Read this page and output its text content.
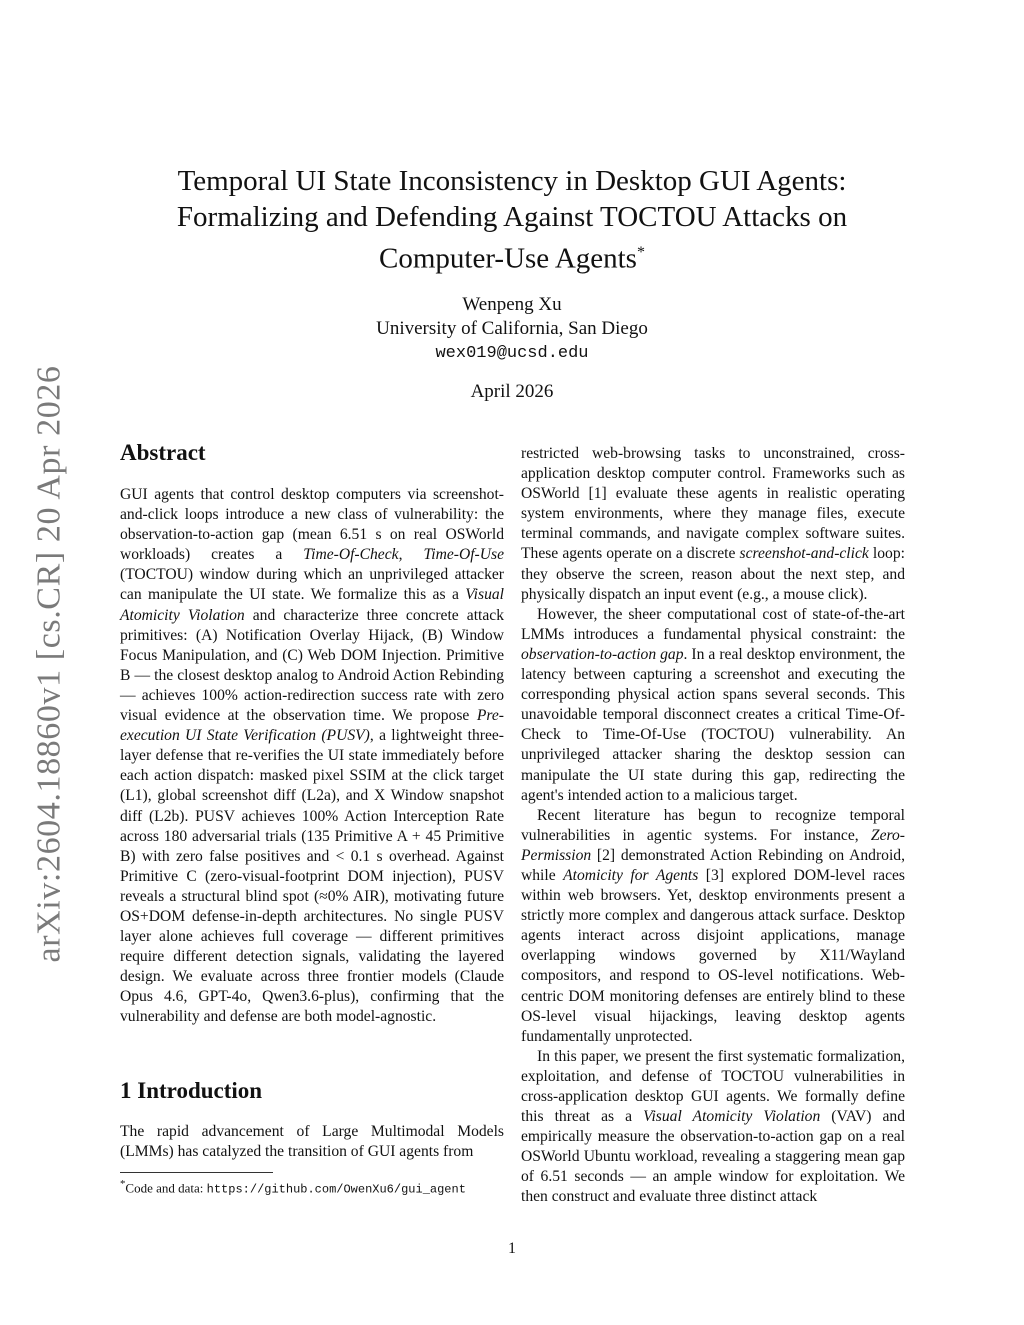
arXiv:2604.18860v1 [cs.CR] 20 Apr 2026
Temporal UI State Inconsistency in Desktop GUI Agents:
Formalizing and Defending Against TOCTOU Attacks on
Computer-Use Agents*
Wenpeng Xu
University of California, San Diego
wex019@ucsd.edu
April 2026
Abstract

GUI agents that control desktop computers via screenshot-and-click loops introduce a new class of vulnerability: the observation-to-action gap (mean 6.51 s on real OSWorld workloads) creates a Time-Of-Check, Time-Of-Use (TOCTOU) window during which an unprivileged attacker can manipulate the UI state. We formalize this as a Visual Atomicity Violation and characterize three concrete attack primitives: (A) Notification Overlay Hijack, (B) Window Focus Manipulation, and (C) Web DOM Injection. Primitive B — the closest desktop analog to Android Action Rebinding — achieves 100% action-redirection success rate with zero visual evidence at the observation time. We propose Pre-execution UI State Verification (PUSV), a lightweight three-layer defense that re-verifies the UI state immediately before each action dispatch: masked pixel SSIM at the click target (L1), global screenshot diff (L2a), and X Window snapshot diff (L2b). PUSV achieves 100% Action Interception Rate across 180 adversarial trials (135 Primitive A + 45 Primitive B) with zero false positives and < 0.1 s overhead. Against Primitive C (zero-visual-footprint DOM injection), PUSV reveals a structural blind spot (≈0% AIR), motivating future OS+DOM defense-in-depth architectures. No single PUSV layer alone achieves full coverage — different primitives require different detection signals, validating the layered design. We evaluate across three frontier models (Claude Opus 4.6, GPT-4o, Qwen3.6-plus), confirming that the vulnerability and defense are both model-agnostic.

1 Introduction

The rapid advancement of Large Multimodal Models (LMMs) has catalyzed the transition of GUI agents from

*Code and data: https://github.com/OwenXu6/gui_agent

restricted web-browsing tasks to unconstrained, cross-application desktop computer control. Frameworks such as OSWorld [1] evaluate these agents in realistic operating system environments, where they manage files, execute terminal commands, and navigate complex software suites. These agents operate on a discrete screenshot-and-click loop: they observe the screen, reason about the next step, and physically dispatch an input event (e.g., a mouse click).

However, the sheer computational cost of state-of-the-art LMMs introduces a fundamental physical constraint: the observation-to-action gap. In a real desktop environment, the latency between capturing a screenshot and executing the corresponding physical action spans several seconds. This unavoidable temporal disconnect creates a critical Time-Of-Check to Time-Of-Use (TOCTOU) vulnerability. An unprivileged attacker sharing the desktop session can manipulate the UI state during this gap, redirecting the agent's intended action to a malicious target.

Recent literature has begun to recognize temporal vulnerabilities in agentic systems. For instance, Zero-Permission [2] demonstrated Action Rebinding on Android, while Atomicity for Agents [3] explored DOM-level races within web browsers. Yet, desktop environments present a strictly more complex and dangerous attack surface. Desktop agents interact across disjoint applications, manage overlapping windows governed by X11/Wayland compositors, and respond to OS-level notifications. Web-centric DOM monitoring defenses are entirely blind to these OS-level visual hijackings, leaving desktop agents fundamentally unprotected.

In this paper, we present the first systematic formalization, exploitation, and defense of TOCTOU vulnerabilities in cross-application desktop GUI agents. We formally define this threat as a Visual Atomicity Violation (VAV) and empirically measure the observation-to-action gap on a real OSWorld Ubuntu workload, revealing a staggering mean gap of 6.51 seconds — an ample window for exploitation. We then construct and evaluate three distinct attack

1
